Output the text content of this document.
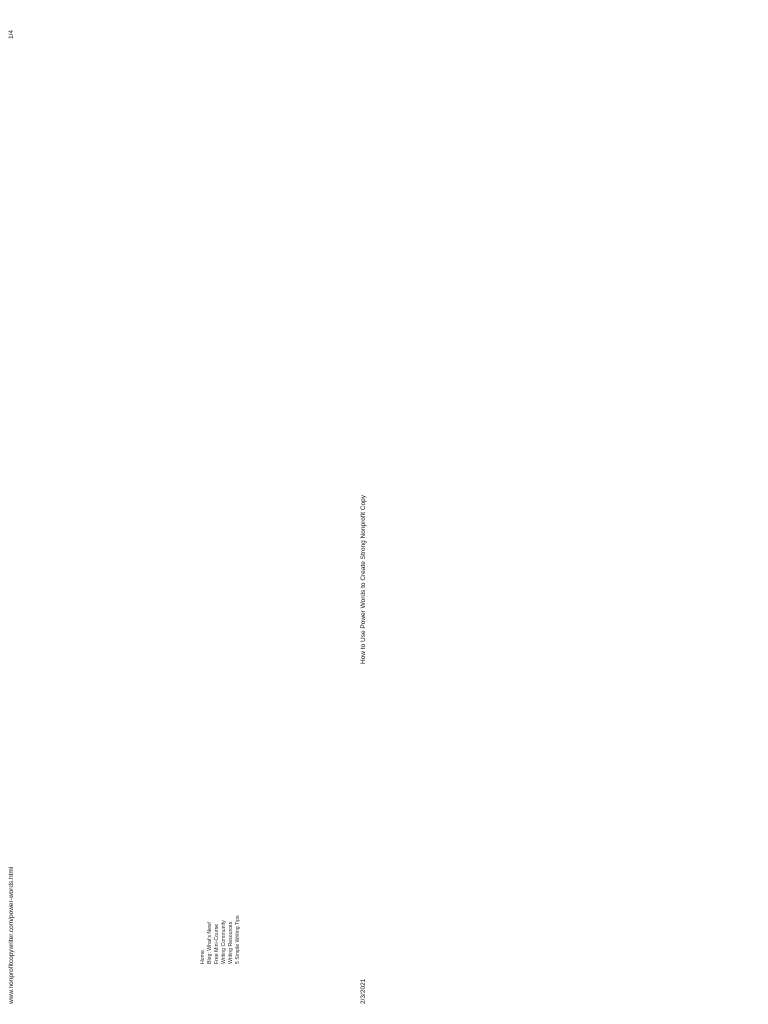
2/3/2021
How to Use Power Words to Create Strong Nonprofit Copy
www.nonprofitcopywriter.com/power-words.html
1/4
Home Blog: What's New! Free Mini-Course Writing Community Writing Resources 5 Simple Writing Tips
